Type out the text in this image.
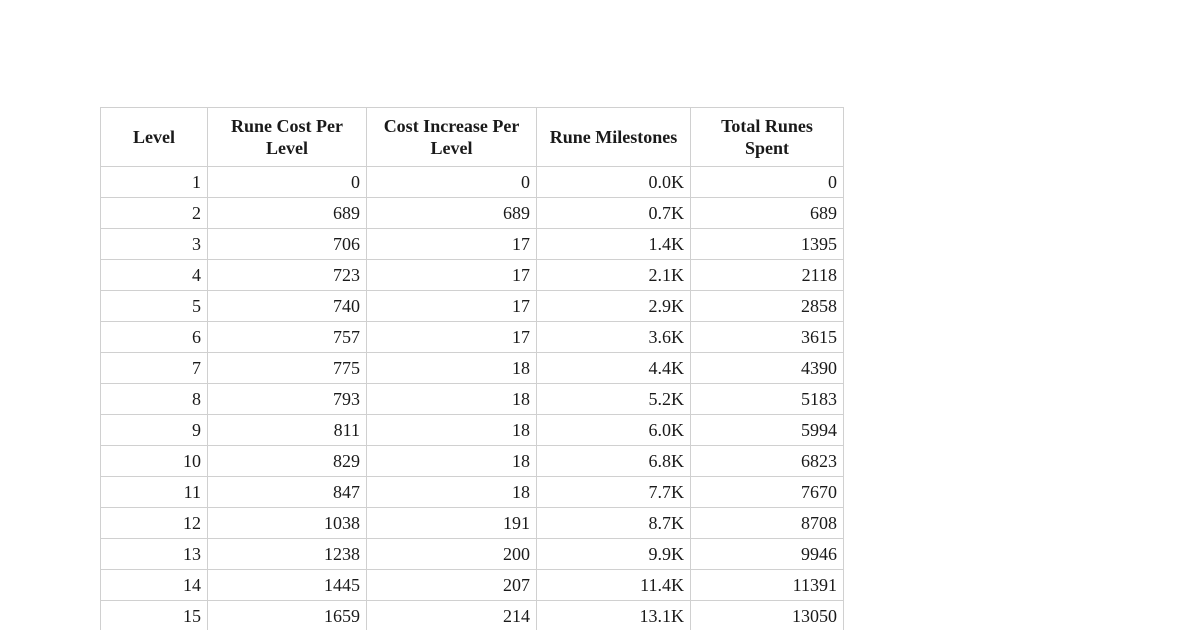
Level	Rune Cost Per Level	Cost Increase Per Level	Rune Milestones	Total Runes Spent
1	0	0	0.0K	0
2	689	689	0.7K	689
3	706	17	1.4K	1395
4	723	17	2.1K	2118
5	740	17	2.9K	2858
6	757	17	3.6K	3615
7	775	18	4.4K	4390
8	793	18	5.2K	5183
9	811	18	6.0K	5994
10	829	18	6.8K	6823
11	847	18	7.7K	7670
12	1038	191	8.7K	8708
13	1238	200	9.9K	9946
14	1445	207	11.4K	11391
15	1659	214	13.1K	13050
